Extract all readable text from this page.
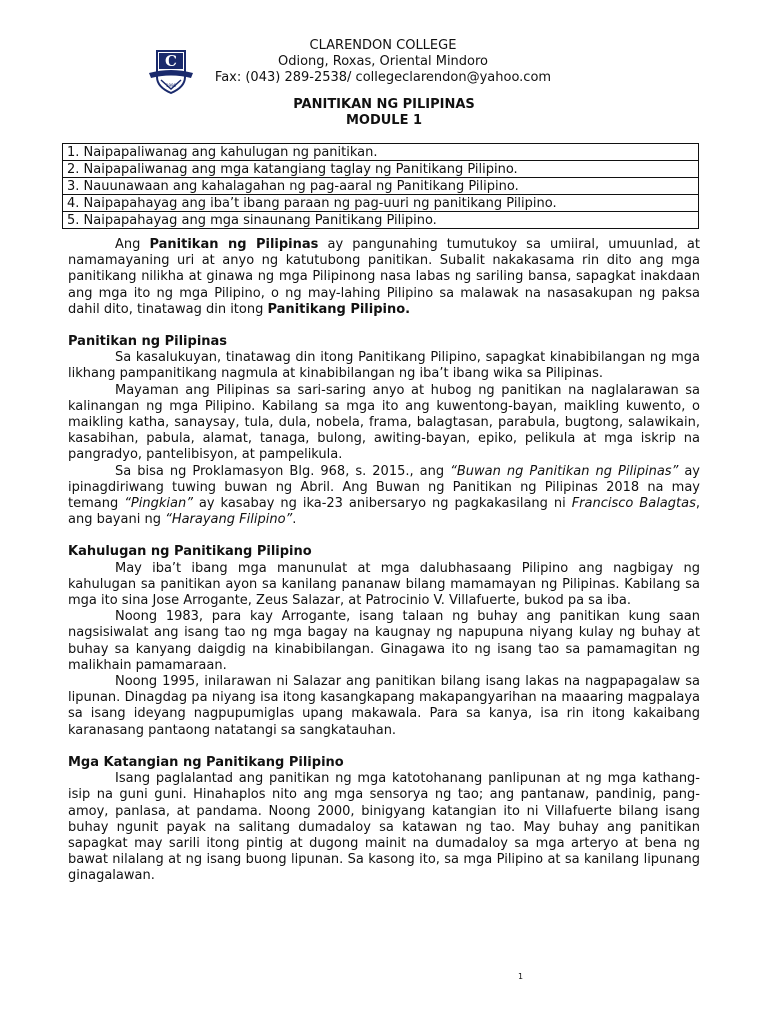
C
1996
CLARENDON COLLEGE
Odiong, Roxas, Oriental Mindoro
Fax: (043) 289-2538/ collegeclarendon@yahoo.com
PANITIKAN NG PILIPINAS
MODULE 1
1. Naipapaliwanag ang kahulugan ng panitikan.
2. Naipapaliwanag ang mga katangiang taglay ng Panitikang Pilipino.
3. Nauunawaan ang kahalagahan ng pag-aaral ng Panitikang Pilipino.
4. Naipapahayag ang iba’t ibang paraan ng pag-uuri ng panitikang Pilipino.
5. Naipapahayag ang mga sinaunang Panitikang Pilipino.

Ang Panitikan ng Pilipinas ay pangunahing tumutukoy sa umiiral, umuunlad, at namamayaning uri at anyo ng katutubong panitikan. Subalit nakakasama rin dito ang mga panitikang nilikha at ginawa ng mga Pilipinong nasa labas ng sariling bansa, sapagkat inakdaan ang mga ito ng mga Pilipino, o ng may-lahing Pilipino sa malawak na nasasakupan ng paksa dahil dito, tinatawag din itong Panitikang Pilipino.

Panitikan ng Pilipinas

Sa kasalukuyan, tinatawag din itong Panitikang Pilipino, sapagkat kinabibilangan ng mga likhang pampanitikang nagmula at kinabibilangan ng iba’t ibang wika sa Pilipinas.

Mayaman ang Pilipinas sa sari-saring anyo at hubog ng panitikan na naglalarawan sa kalinangan ng mga Pilipino. Kabilang sa mga ito ang kuwentong-bayan, maikling kuwento, o maikling katha, sanaysay, tula, dula, nobela, frama, balagtasan, parabula, bugtong, salawikain, kasabihan, pabula, alamat, tanaga, bulong, awiting-bayan, epiko, pelikula at mga iskrip na pangradyo, pantelibisyon, at pampelikula.

Sa bisa ng Proklamasyon Blg. 968, s. 2015., ang “Buwan ng Panitikan ng Pilipinas” ay ipinagdiriwang tuwing buwan ng Abril. Ang Buwan ng Panitikan ng Pilipinas 2018 na may temang “Pingkian” ay kasabay ng ika-23 anibersaryo ng pagkakasilang ni Francisco Balagtas, ang bayani ng “Harayang Filipino”.

Kahulugan ng Panitikang Pilipino

May iba’t ibang mga manunulat at mga dalubhasaang Pilipino ang nagbigay ng kahulugan sa panitikan ayon sa kanilang pananaw bilang mamamayan ng Pilipinas. Kabilang sa mga ito sina Jose Arrogante, Zeus Salazar, at Patrocinio V. Villafuerte, bukod pa sa iba.

Noong 1983, para kay Arrogante, isang talaan ng buhay ang panitikan kung saan nagsisiwalat ang isang tao ng mga bagay na kaugnay ng napupuna niyang kulay ng buhay at buhay sa kanyang daigdig na kinabibilangan. Ginagawa ito ng isang tao sa pamamagitan ng malikhain pamamaraan.

Noong 1995, inilarawan ni Salazar ang panitikan bilang isang lakas na nagpapagalaw sa lipunan. Dinagdag pa niyang isa itong kasangkapang makapangyarihan na maaaring magpalaya sa isang ideyang nagpupumiglas upang makawala. Para sa kanya, isa rin itong kakaibang karanasang pantaong natatangi sa sangkatauhan.

Mga Katangian ng Panitikang Pilipino

Isang paglalantad ang panitikan ng mga katotohanang panlipunan at ng mga kathang-isip na guni guni. Hinahaplos nito ang mga sensorya ng tao; ang pantanaw, pandinig, pang-amoy, panlasa, at pandama. Noong 2000, binigyang katangian ito ni Villafuerte bilang isang buhay ngunit payak na salitang dumadaloy sa katawan ng tao. May buhay ang panitikan sapagkat may sarili itong pintig at dugong mainit na dumadaloy sa mga arteryo at bena ng bawat nilalang at ng isang buong lipunan. Sa kasong ito, sa mga Pilipino at sa kanilang lipunang ginagalawan.

1
